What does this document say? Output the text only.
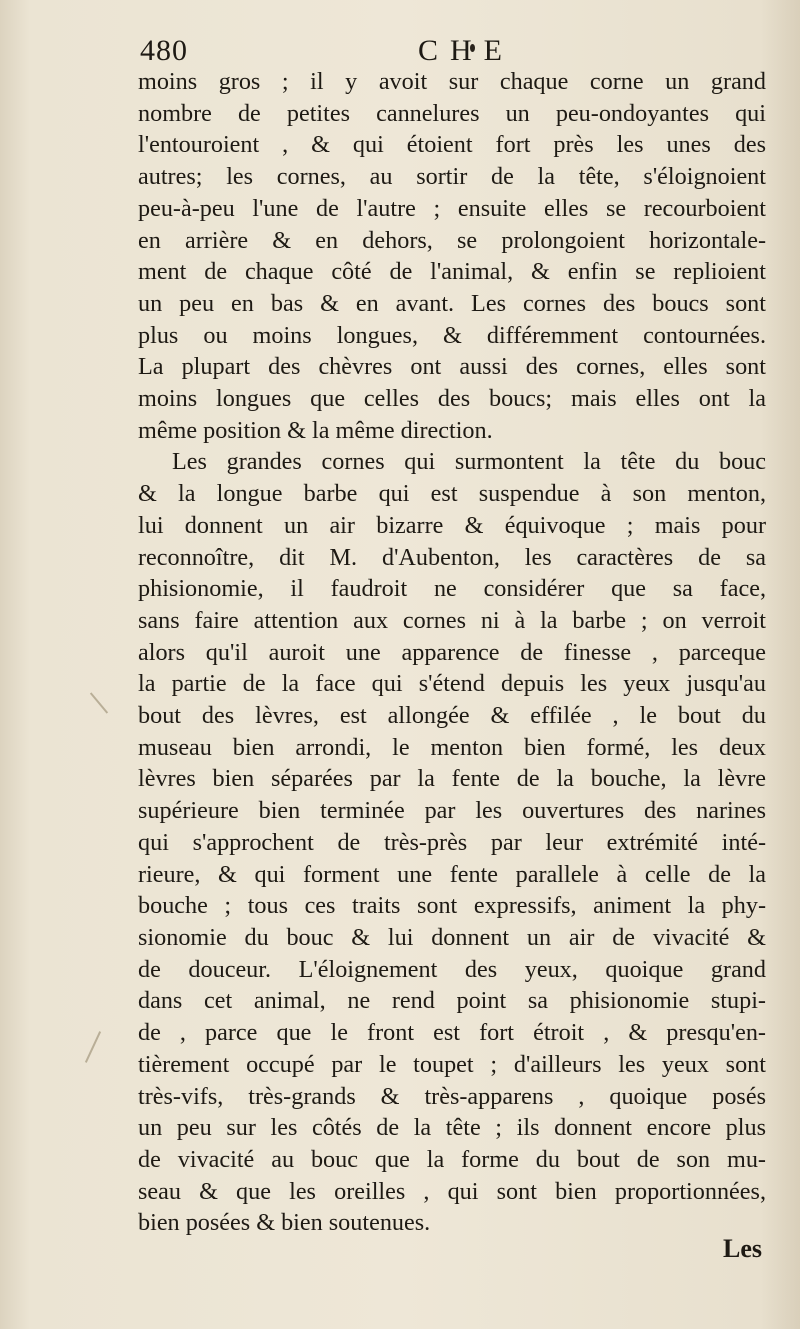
480	CHE
moins gros ; il y avoit sur chaque corne un grand
nombre de petites cannelures un peu-ondoyantes qui
l'entouroient , & qui étoient fort près les unes des
autres; les cornes, au sortir de la tête, s'éloignoient
peu-à-peu l'une de l'autre ; ensuite elles se recourboient
en arrière & en dehors, se prolongoient horizontale-
ment de chaque côté de l'animal, & enfin se replioient
un peu en bas & en avant. Les cornes des boucs sont
plus ou moins longues, & différemment contournées.
La plupart des chèvres ont aussi des cornes, elles sont
moins longues que celles des boucs; mais elles ont la
même position & la même direction.
Les grandes cornes qui surmontent la tête du bouc
& la longue barbe qui est suspendue à son menton,
lui donnent un air bizarre & équivoque ; mais pour
reconnoître, dit M. d'Aubenton, les caractères de sa
phisionomie, il faudroit ne considérer que sa face,
sans faire attention aux cornes ni à la barbe ; on verroit
alors qu'il auroit une apparence de finesse , parceque
la partie de la face qui s'étend depuis les yeux jusqu'au
bout des lèvres, est allongée & effilée , le bout du
museau bien arrondi, le menton bien formé, les deux
lèvres bien séparées par la fente de la bouche, la lèvre
supérieure bien terminée par les ouvertures des narines
qui s'approchent de très-près par leur extrémité inté-
rieure, & qui forment une fente parallele à celle de la
bouche ; tous ces traits sont expressifs, animent la phy-
sionomie du bouc & lui donnent un air de vivacité &
de douceur. L'éloignement des yeux, quoique grand
dans cet animal, ne rend point sa phisionomie stupi-
de , parce que le front est fort étroit , & presqu'en-
tièrement occupé par le toupet ; d'ailleurs les yeux sont
très-vifs, très-grands & très-apparens , quoique posés
un peu sur les côtés de la tête ; ils donnent encore plus
de vivacité au bouc que la forme du bout de son mu-
seau & que les oreilles , qui sont bien proportionnées,
bien posées & bien soutenues.
Les
